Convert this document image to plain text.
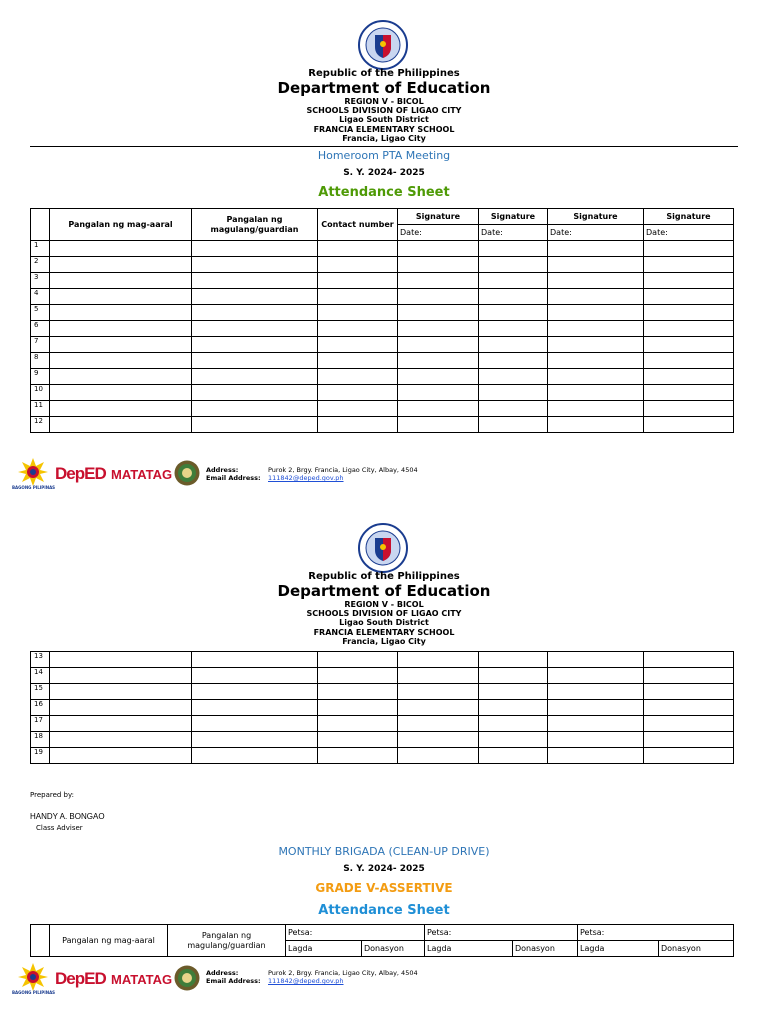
Republic of the Philippines
Department of Education
REGION V - BICOL
SCHOOLS DIVISION OF LIGAO CITY
Ligao South District
FRANCIA ELEMENTARY SCHOOL
Francia, Ligao City
Homeroom PTA Meeting
S. Y. 2024- 2025
Attendance Sheet
	Pangalan ng mag-aaral	Pangalan ng magulang/guardian	Contact number	Signature	Signature	Signature	Signature
				Date:	Date:	Date:	Date:
1							
2							
3							
4							
5							
6							
7							
8							
9							
10							
11							
12							
BAGONG PILIPINAS
DepED MATATAG	Address:	Purok 2, Brgy. Francia, Ligao City, Albay, 4504
Email Address: 111842@deped.gov.ph
Republic of the Philippines
Department of Education
REGION V - BICOL
SCHOOLS DIVISION OF LIGAO CITY
Ligao South District
FRANCIA ELEMENTARY SCHOOL
Francia, Ligao City
13							
14							
15							
16							
17							
18							
19							
Prepared by:
HANDY A. BONGAO
Class Adviser
MONTHLY BRIGADA (CLEAN-UP DRIVE)
S. Y. 2024- 2025
GRADE V-ASSERTIVE
Attendance Sheet
	Pangalan ng mag-aaral	Pangalan ng magulang/guardian	Petsa:		Petsa:		Petsa:	
			Lagda	Donasyon	Lagda	Donasyon	Lagda	Donasyon
BAGONG PILIPINAS
DepED MATATAG	Address:	Purok 2, Brgy. Francia, Ligao City, Albay, 4504
Email Address: 111842@deped.gov.ph
